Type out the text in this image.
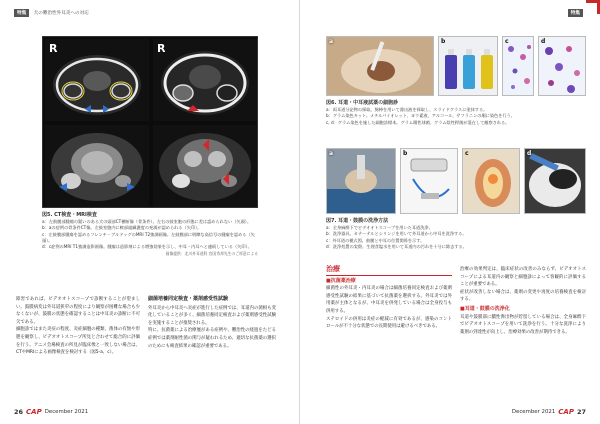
特集 犬の難治性外耳炎への対応
R	R
図5. CT検査・MRI検査
a：左鼓膜部腫瘍の疑いのある犬の頭部CT横断像（骨条件）。左右の鼓室胞の形態に差は認められない（矢頭）。
b：aの症例の骨条件CT像。左鼓室胞内に軟部組織濃度の充満が認められる（矢印）。
c：左鼓膜部腫瘍を認めるフレンチ・ブルドッグのMRI T2強調画像。左鼓膜部に明瞭な高信号の腫瘤を認める（矢頭）。
d：c症例のMRI T1強調造影画像。腫瘤は造影剤による増強効果を示し、中耳・内耳へと連続している（矢印）。
画像提供：北川外耳道科 宮国秀邦先生のご厚意による

障害であれば、ビデオオトスコープで診断することが望ましい。鼓膜病変は外耳道狭窄の程度により観察が困難な場合も少なくないが、鼓膜の状態を確認することは中耳炎の診断に不可欠である。

細胞診ではまた炎症の程度、炎症細胞の種類、菌体の有無や形態を観察し、ビデオオトスコープ所見と合わせて総合的に評価を行う。アニメ会場検査の所見が臨床像と一致しない場合は、CTやMRIによる画像検査を検討する（図5-a、c）。

細菌培養同定検査・薬剤感受性試験

外耳炎から中耳炎へ炎症が進行した症例では、耳道内の菌相も変化していることが多く、細菌培養同定検査および薬剤感受性試験を実施することが推奨される。

特に、抗菌薬による治療歴がある症例や、難治性の経過をたどる症例では薬剤耐性菌の関与が疑われるため、適切な抗菌薬の選択のためにも検査結果の確認が重要である。

26 CAP December 2021
特集
a	b	c	d
図6. 耳道・中耳液試薬の細胞診
a：両耳道分泌物の採取。綿棒を用いて滲出液を採取し、スライドグラスに塗抹する。
b：グラム染色キット。メチルバイオレット、ヨウ素液、アルコール、サフラニンの順に染色を行う。
c, d：グラム染色を施した細胞診標本。グラム陽性球菌、グラム陰性桿菌が混在して観察される。
a	b	c	d
図7. 耳道・鼓膜の洗浄方法
a：全身麻酔下でビデオオトスコープを用いた耳道洗浄。
b：洗浄器具。カテーテルとシリンジを用いて外耳道から中耳を洗浄する。
c：外耳道の模式図。鼓膜と中耳の位置関係を示す。
d：洗浄処置の実際。生理食塩水を用いて耳道内の汚れを十分に除去する。
治療
■抗菌薬治療

細菌性の外耳炎・内耳炎の場合は細菌培養同定検査および薬剤感受性試験の結果に基づいて抗菌薬を選択する。外耳炎では外用薬が主体となるが、中耳炎を併発している場合は全身投与も併用する。

ステロイドの併用は炎症の軽減に有効であるが、感染のコントロールが不十分な状態での長期使用は避けるべきである。

治療の効果判定は、臨床症状の改善のみならず、ビデオオトスコープによる耳道内の観察と細胞診によって客観的に評価することが重要である。

症状が改善しない場合は、薬剤の変更や再度の培養検査を検討する。

■耳道・鼓膜の洗浄化

耳道や鼓膜部に膿性滲出物が貯留している場合は、全身麻酔下でビデオオトスコープを用いて洗浄を行う。十分な洗浄により薬剤の到達性が向上し、治療効果の改善が期待できる。

December 2021 CAP 27
